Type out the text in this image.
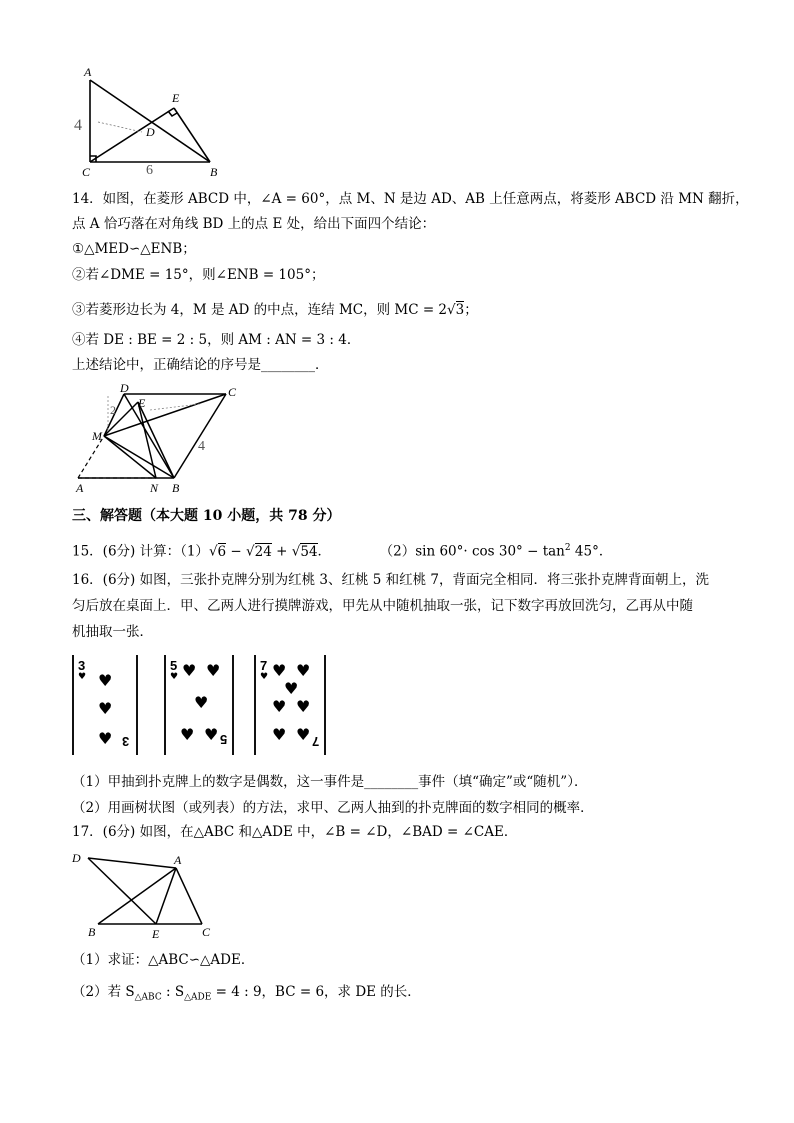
A
E
D
C	B
4
6
14．如图，在菱形 ABCD 中，∠A = 60°，点 M、N 是边 AD、AB 上任意两点，将菱形 ABCD 沿 MN 翻折，
点 A 恰巧落在对角线 BD 上的点 E 处，给出下面四个结论：
①△MED∽△ENB；
②若∠DME = 15°，则∠ENB = 105°；
③若菱形边长为 4，M 是 AD 的中点，连结 MC，则 MC = 2√3；
④若 DE : BE = 2 : 5，则 AM : AN = 3 : 4．
上述结论中，正确结论的序号是________．
D
E
C
M
A	N B
2
4
三、解答题（本大题 10 小题，共 78 分）
15．(6分) 计算：（1）√6 − √24 + √54．	（2）sin $60^\circ\cdot \cos 30^\circ - \tan^2 45^\circ$．
16．(6分) 如图，三张扑克牌分别为红桃 3、红桃 5 和红桃 7，背面完全相同．将三张扑克牌背面朝上，洗
匀后放在桌面上．甲、乙两人进行摸牌游戏，甲先从中随机抽取一张，记下数字再放回洗匀，乙再从中随
机抽取一张．
3
♥ ♥
♥
♥ 3
5
♥ ♥ ♥
♥
♥ ♥ 5
7
♥ ♥ ♥
♥
♥ ♥
♥ ♥ 7
（1）甲抽到扑克牌上的数字是偶数，这一事件是________事件（填“确定”或“随机”）．
（2）用画树状图（或列表）的方法，求甲、乙两人抽到的扑克牌面的数字相同的概率．
17．(6分) 如图，在△ABC 和△ADE 中，∠B = ∠D，∠BAD = ∠CAE．
D	A
B	E	C
（1）求证：△ABC∽△ADE．
（2）若 $S_{\triangle ABC}$ : $S_{\triangle ADE} = 4$ : 9，BC = 6，求 DE 的长．
